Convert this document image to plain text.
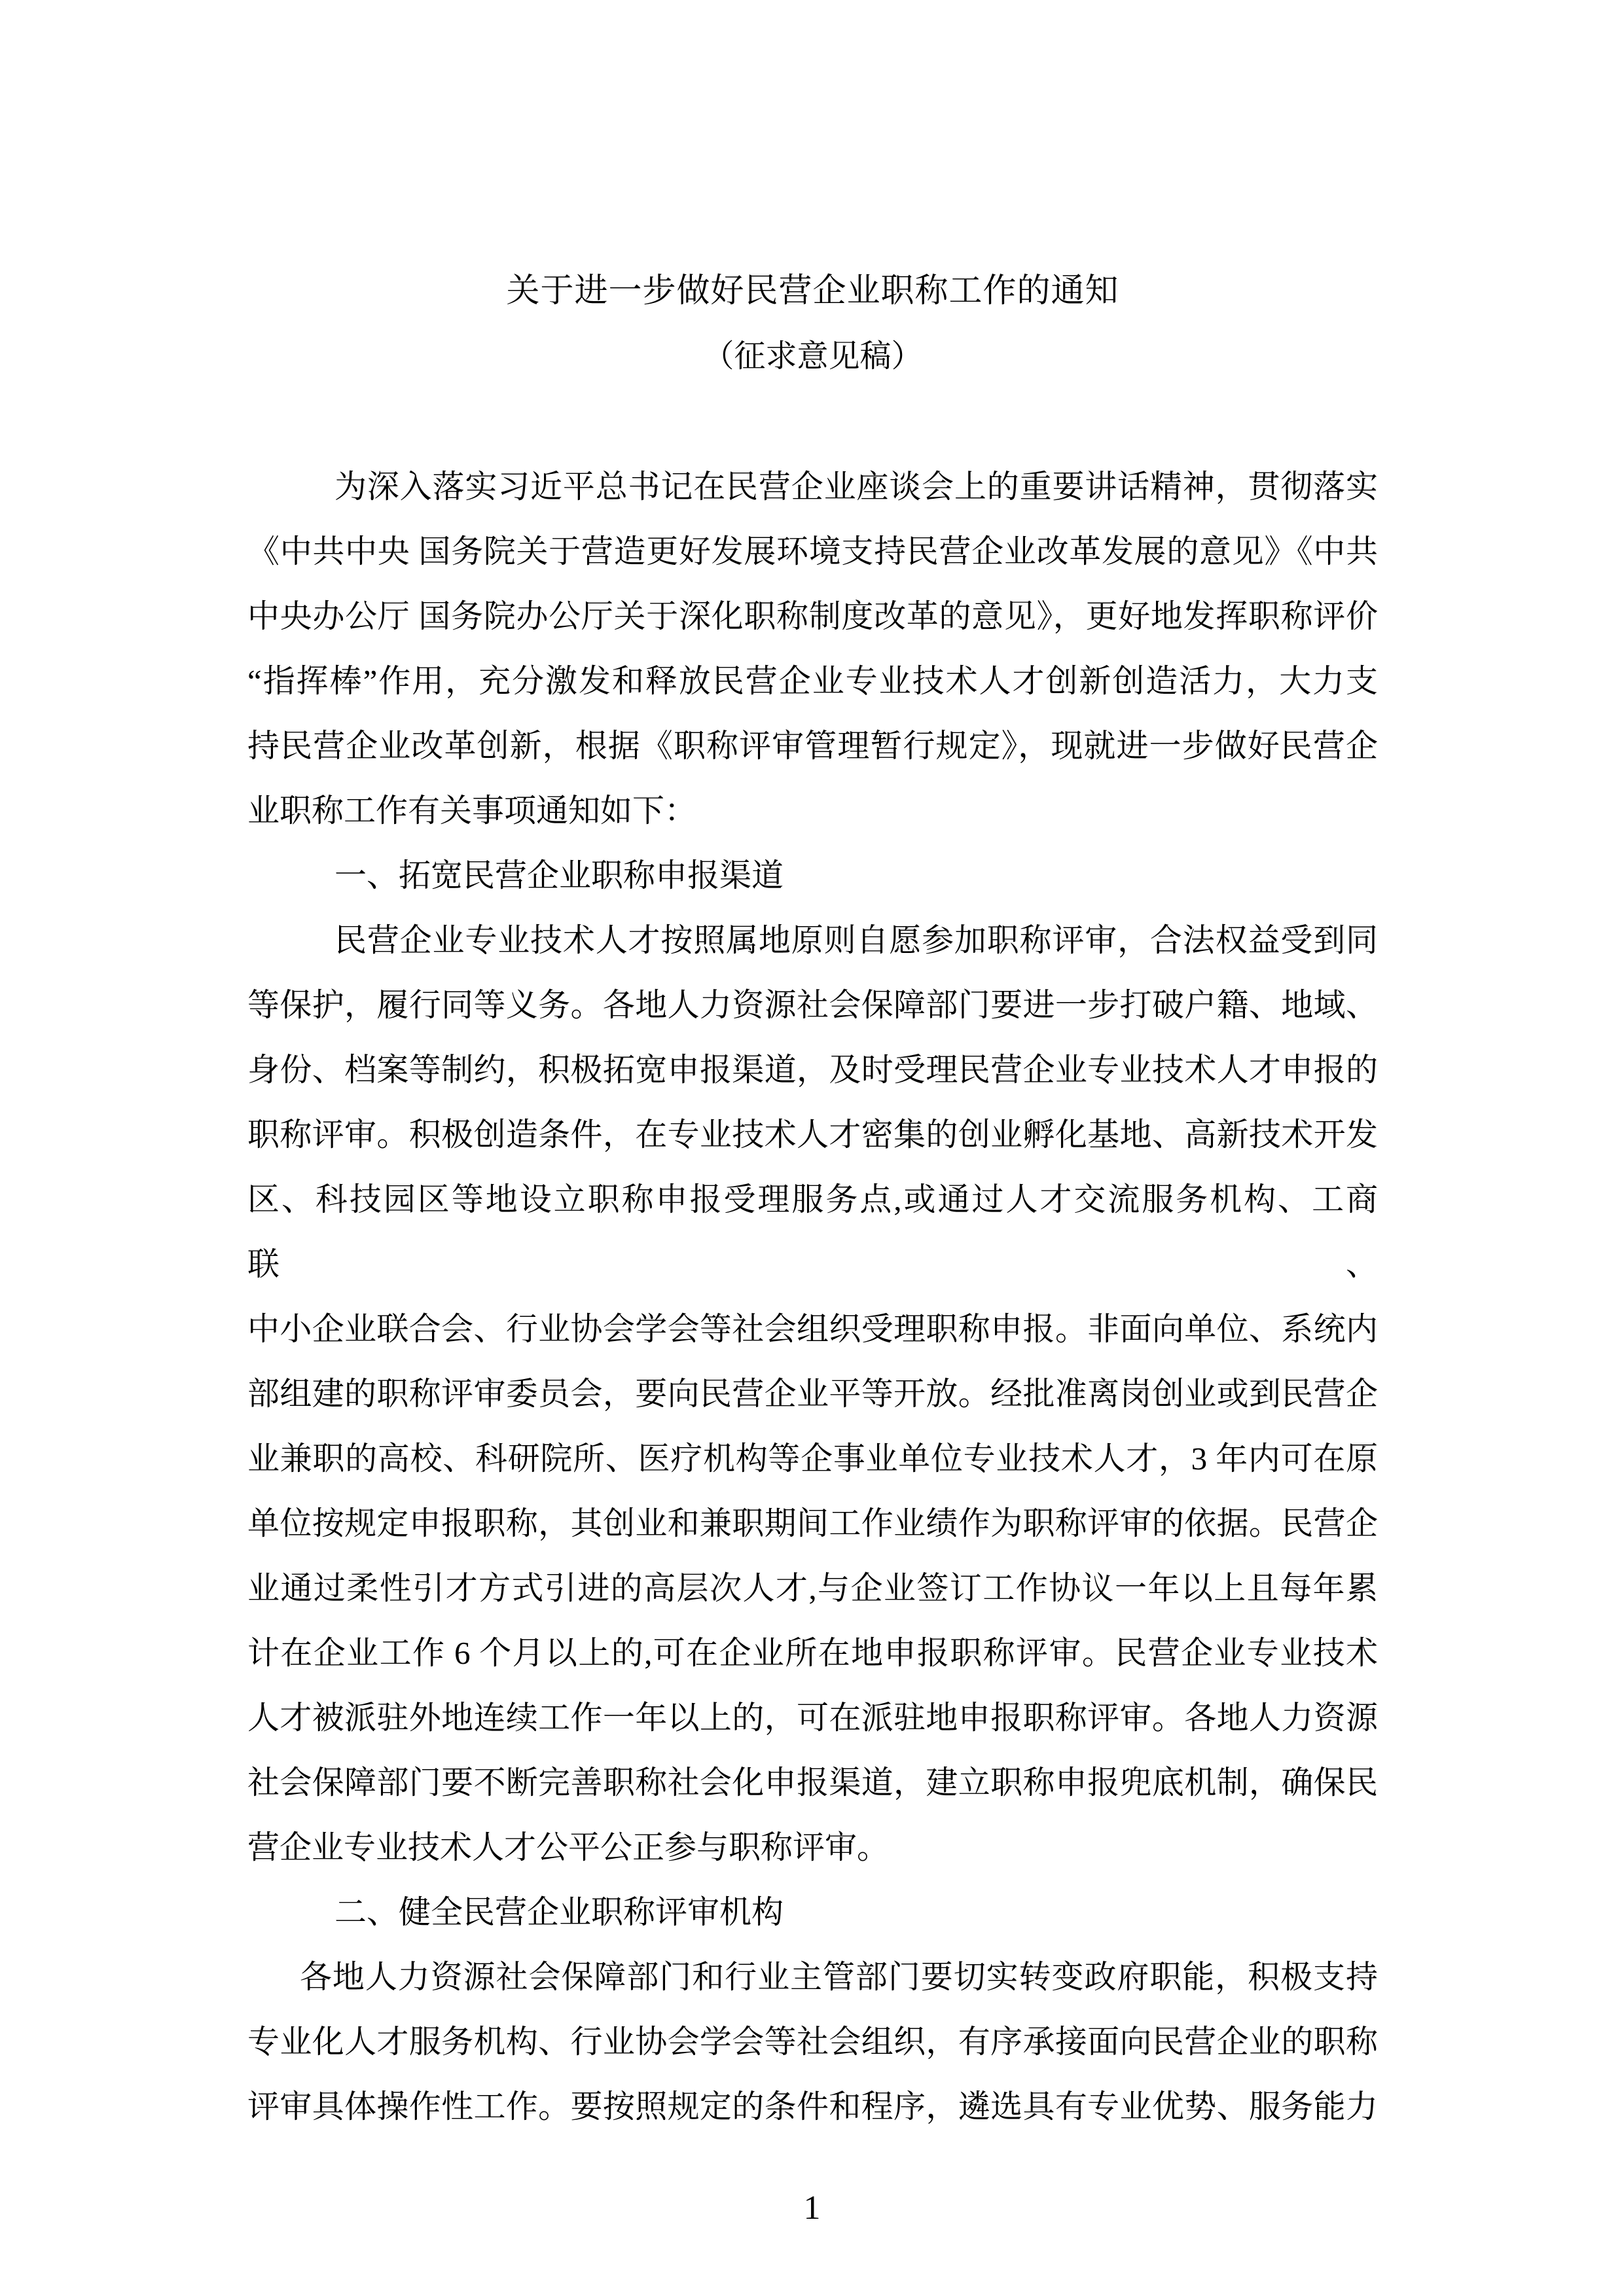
关于进一步做好民营企业职称工作的通知
（征求意见稿）
为深入落实习近平总书记在民营企业座谈会上的重要讲话精神，贯彻落实
《中共中央 国务院关于营造更好发展环境支持民营企业改革发展的意见》《中共
中央办公厅 国务院办公厅关于深化职称制度改革的意见》，更好地发挥职称评价
“指挥棒”作用，充分激发和释放民营企业专业技术人才创新创造活力，大力支
持民营企业改革创新，根据《职称评审管理暂行规定》，现就进一步做好民营企
业职称工作有关事项通知如下：
一、拓宽民营企业职称申报渠道
民营企业专业技术人才按照属地原则自愿参加职称评审，合法权益受到同
等保护，履行同等义务。各地人力资源社会保障部门要进一步打破户籍、地域、
身份、档案等制约，积极拓宽申报渠道，及时受理民营企业专业技术人才申报的
职称评审。积极创造条件，在专业技术人才密集的创业孵化基地、高新技术开发
区、科技园区等地设立职称申报受理服务点,或通过人才交流服务机构、工商联、
中小企业联合会、行业协会学会等社会组织受理职称申报。非面向单位、系统内
部组建的职称评审委员会，要向民营企业平等开放。经批准离岗创业或到民营企
业兼职的高校、科研院所、医疗机构等企事业单位专业技术人才，3 年内可在原
单位按规定申报职称，其创业和兼职期间工作业绩作为职称评审的依据。民营企
业通过柔性引才方式引进的高层次人才,与企业签订工作协议一年以上且每年累
计在企业工作 6 个月以上的,可在企业所在地申报职称评审。民营企业专业技术
人才被派驻外地连续工作一年以上的，可在派驻地申报职称评审。各地人力资源
社会保障部门要不断完善职称社会化申报渠道，建立职称申报兜底机制，确保民
营企业专业技术人才公平公正参与职称评审。
二、健全民营企业职称评审机构
各地人力资源社会保障部门和行业主管部门要切实转变政府职能，积极支持
专业化人才服务机构、行业协会学会等社会组织，有序承接面向民营企业的职称
评审具体操作性工作。要按照规定的条件和程序，遴选具有专业优势、服务能力
1
